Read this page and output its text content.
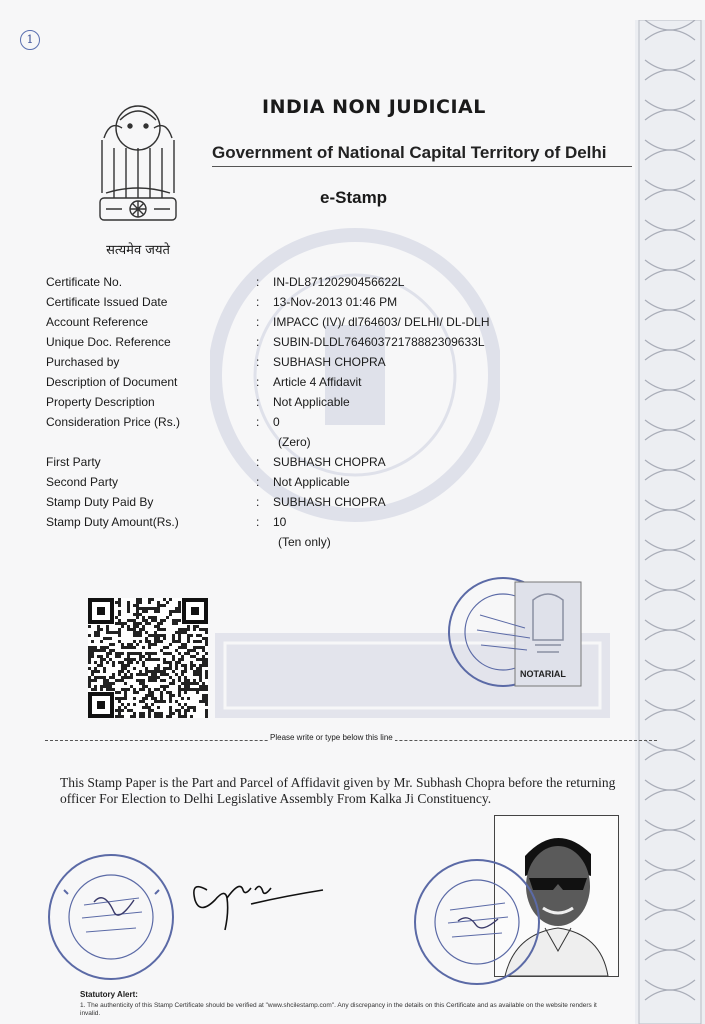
1
सत्यमेव जयते
INDIA NON JUDICIAL
Government of National Capital Territory of Delhi
e-Stamp
Certificate No.	: IN-DL87120290456622L
Certificate Issued Date	: 13-Nov-2013 01:46 PM
Account Reference	: IMPACC (IV)/ dl764603/ DELHI/ DL-DLH
Unique Doc. Reference	: SUBIN-DLDL76460372178882309633L
Purchased by	: SUBHASH CHOPRA
Description of Document	: Article 4 Affidavit
Property Description	: Not Applicable
Consideration Price (Rs.)	: 0
(Zero)
First Party	: SUBHASH CHOPRA
Second Party	: Not Applicable
Stamp Duty Paid By	: SUBHASH CHOPRA
Stamp Duty Amount(Rs.)	: 10
(Ten only)
NOTARIAL
Please write or type below this line
This Stamp Paper is the Part and Parcel of Affidavit given by Mr. Subhash Chopra before the returning officer For Election to Delhi Legislative Assembly From Kalka Ji Constituency.
Statutory Alert:
1. The authenticity of this Stamp Certificate should be verified at "www.shcilestamp.com". Any discrepancy in the details on this Certificate and as available on the website renders it invalid.
